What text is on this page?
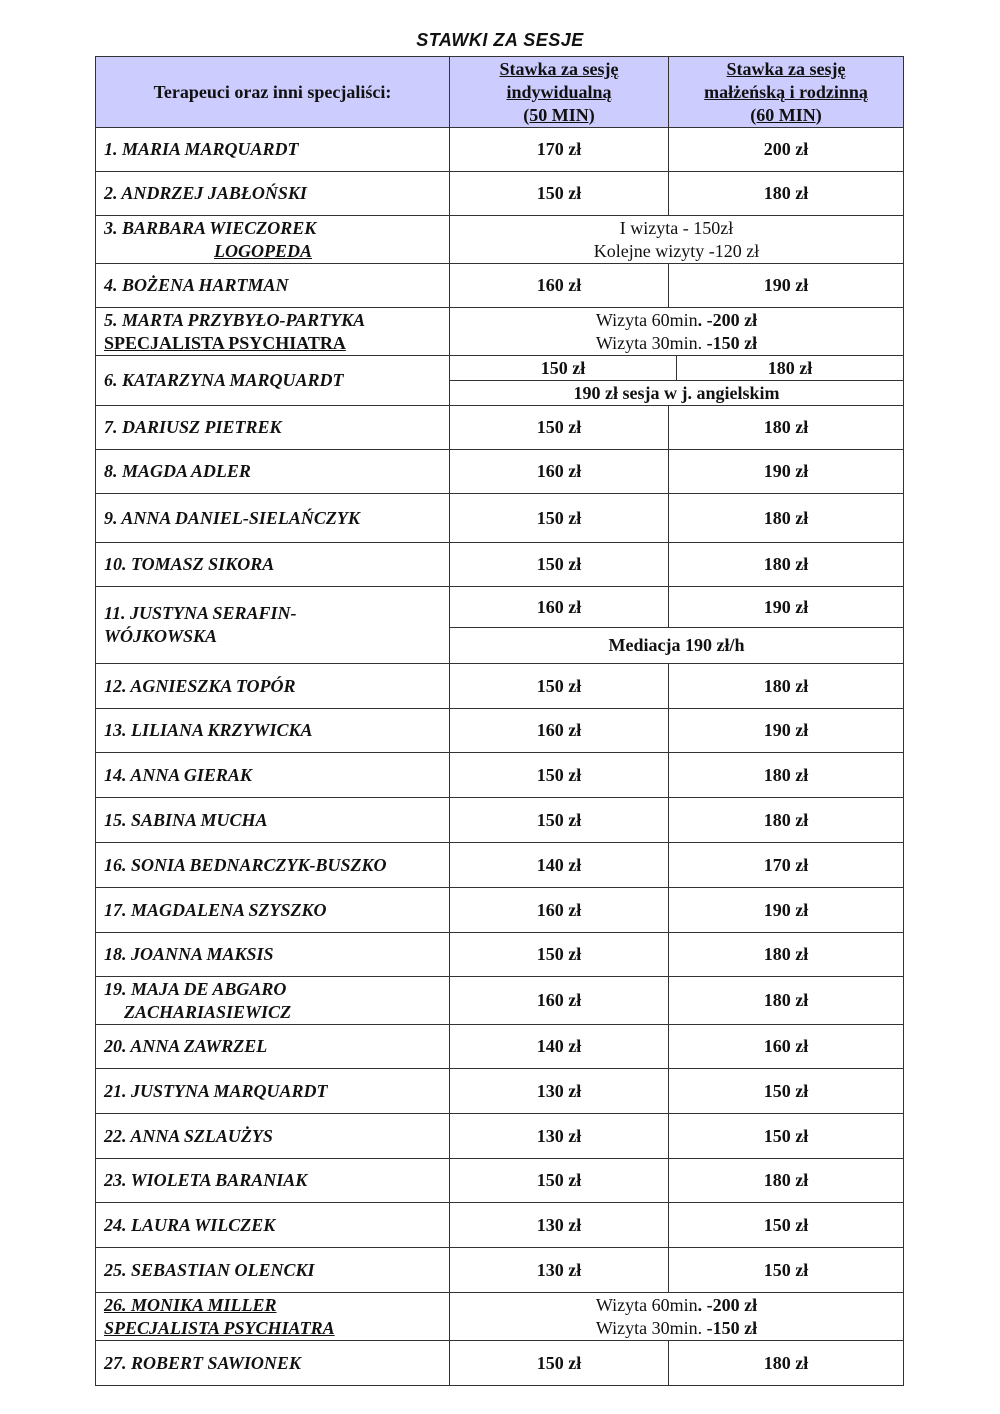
STAWKI ZA SESJE
Terapeuci oraz inni specjaliści:	Stawka za sesję
indywidualną
(50 MIN)	Stawka za sesję
małżeńską i rodzinną
(60 MIN)
1. MARIA MARQUARDT	170 zł	200 zł
2. ANDRZEJ JABŁOŃSKI	150 zł	180 zł
3. BARBARA WIECZOREK
LOGOPEDA	I wizyta - 150zł
Kolejne wizyty -120 zł	
4. BOŻENA HARTMAN	160 zł	190 zł
5. MARTA PRZYBYŁO-PARTYKA
SPECJALISTA PSYCHIATRA	Wizyta 60min. -200 zł
Wizyta 30min. -150 zł	
6. KATARZYNA MARQUARDT	150 zł 180 zł
190 zł sesja w j. angielskim	

7. DARIUSZ PIETREK	150 zł	180 zł
8. MAGDA ADLER	160 zł	190 zł
9. ANNA DANIEL-SIELAŃCZYK	150 zł	180 zł
10. TOMASZ SIKORA	150 zł	180 zł
11. JUSTYNA SERAFIN-
WÓJKOWSKA	160 zł	190 zł
	Mediacja 190 zł/h	
12. AGNIESZKA TOPÓR	150 zł	180 zł
13. LILIANA KRZYWICKA	160 zł	190 zł
14. ANNA GIERAK	150 zł	180 zł
15. SABINA MUCHA	150 zł	180 zł
16. SONIA BEDNARCZYK-BUSZKO	140 zł	170 zł
17. MAGDALENA SZYSZKO	160 zł	190 zł
18. JOANNA MAKSIS	150 zł	180 zł
19. MAJA DE ABGARO
ZACHARIASIEWICZ	160 zł	180 zł
20. ANNA ZAWRZEL	140 zł	160 zł
21. JUSTYNA MARQUARDT	130 zł	150 zł
22. ANNA SZLAUŻYS	130 zł	150 zł
23. WIOLETA BARANIAK	150 zł	180 zł
24. LAURA WILCZEK	130 zł	150 zł
25. SEBASTIAN OLENCKI	130 zł	150 zł
26. MONIKA MILLER
SPECJALISTA PSYCHIATRA	Wizyta 60min. -200 zł
Wizyta 30min. -150 zł	
27. ROBERT SAWIONEK	150 zł	180 zł
